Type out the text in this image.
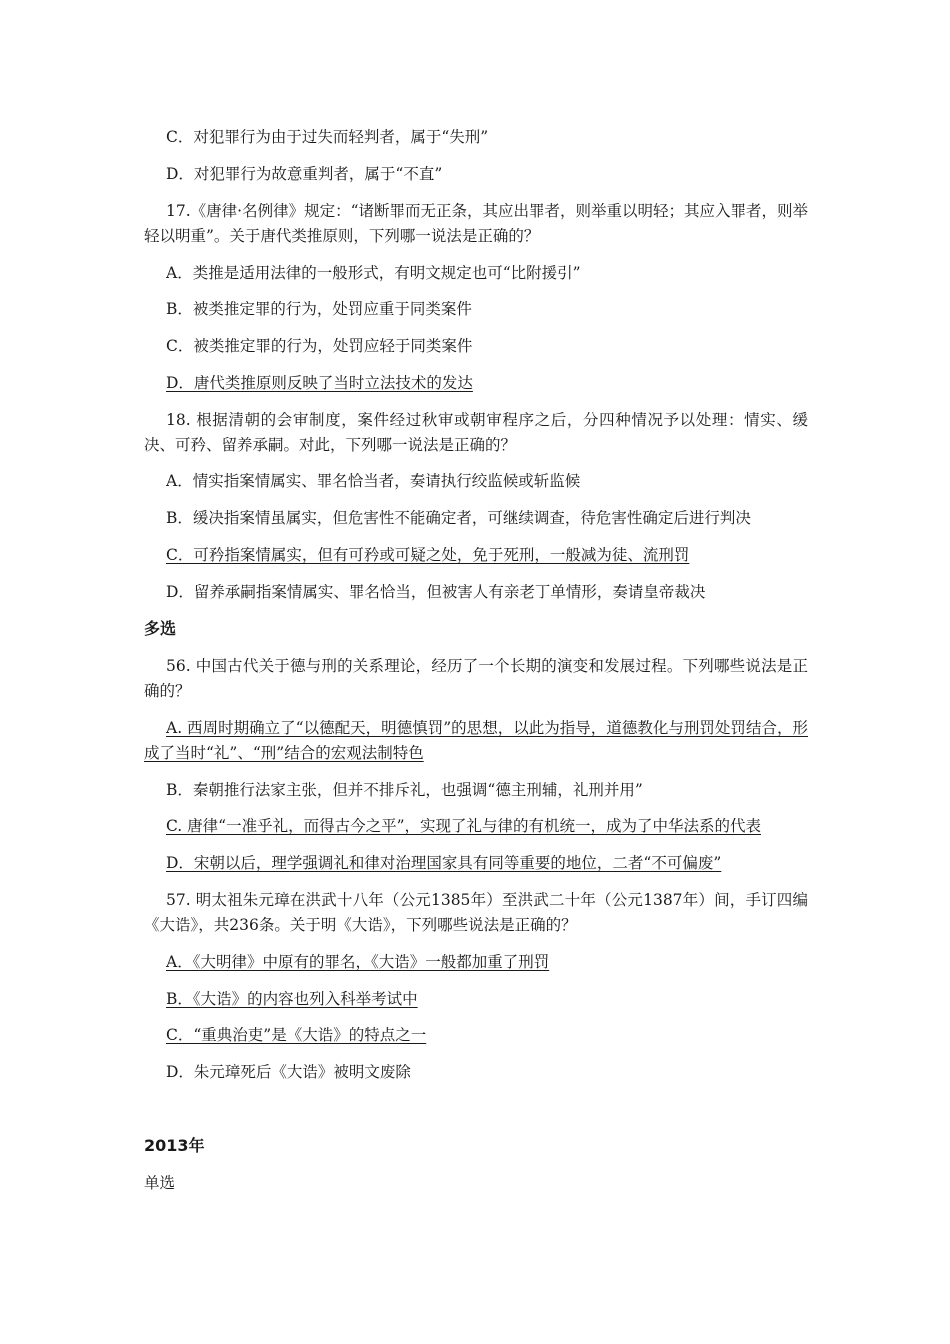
C．对犯罪行为由于过失而轻判者，属于“失刑”
D．对犯罪行为故意重判者，属于“不直”
17.《唐律·名例律》规定：“诸断罪而无正条，其应出罪者，则举重以明轻；其应入罪者，则举轻以明重”。关于唐代类推原则，下列哪一说法是正确的？
A．类推是适用法律的一般形式，有明文规定也可“比附援引”
B．被类推定罪的行为，处罚应重于同类案件
C．被类推定罪的行为，处罚应轻于同类案件
D．唐代类推原则反映了当时立法技术的发达
18. 根据清朝的会审制度，案件经过秋审或朝审程序之后，分四种情况予以处理：情实、缓决、可矜、留养承嗣。对此，下列哪一说法是正确的？
A．情实指案情属实、罪名恰当者，奏请执行绞监候或斩监候
B．缓决指案情虽属实，但危害性不能确定者，可继续调查，待危害性确定后进行判决
C．可矜指案情属实，但有可矜或可疑之处，免于死刑，一般减为徒、流刑罚
D．留养承嗣指案情属实、罪名恰当，但被害人有亲老丁单情形，奏请皇帝裁决
多选
56. 中国古代关于德与刑的关系理论，经历了一个长期的演变和发展过程。下列哪些说法是正确的？
A. 西周时期确立了“以德配天，明德慎罚”的思想，以此为指导，道德教化与刑罚处罚结合，形成了当时“礼”、“刑”结合的宏观法制特色
B．秦朝推行法家主张，但并不排斥礼，也强调“德主刑辅，礼刑并用”
C. 唐律“一准乎礼，而得古今之平”，实现了礼与律的有机统一，成为了中华法系的代表
D．宋朝以后，理学强调礼和律对治理国家具有同等重要的地位，二者“不可偏废”
57. 明太祖朱元璋在洪武十八年（公元1385年）至洪武二十年（公元1387年）间，手订四编《大诰》，共236条。关于明《大诰》，下列哪些说法是正确的？
A．《大明律》中原有的罪名，《大诰》一般都加重了刑罚
B．《大诰》的内容也列入科举考试中
C．“重典治吏”是《大诰》的特点之一
D．朱元璋死后《大诰》被明文废除
2013年
单选
